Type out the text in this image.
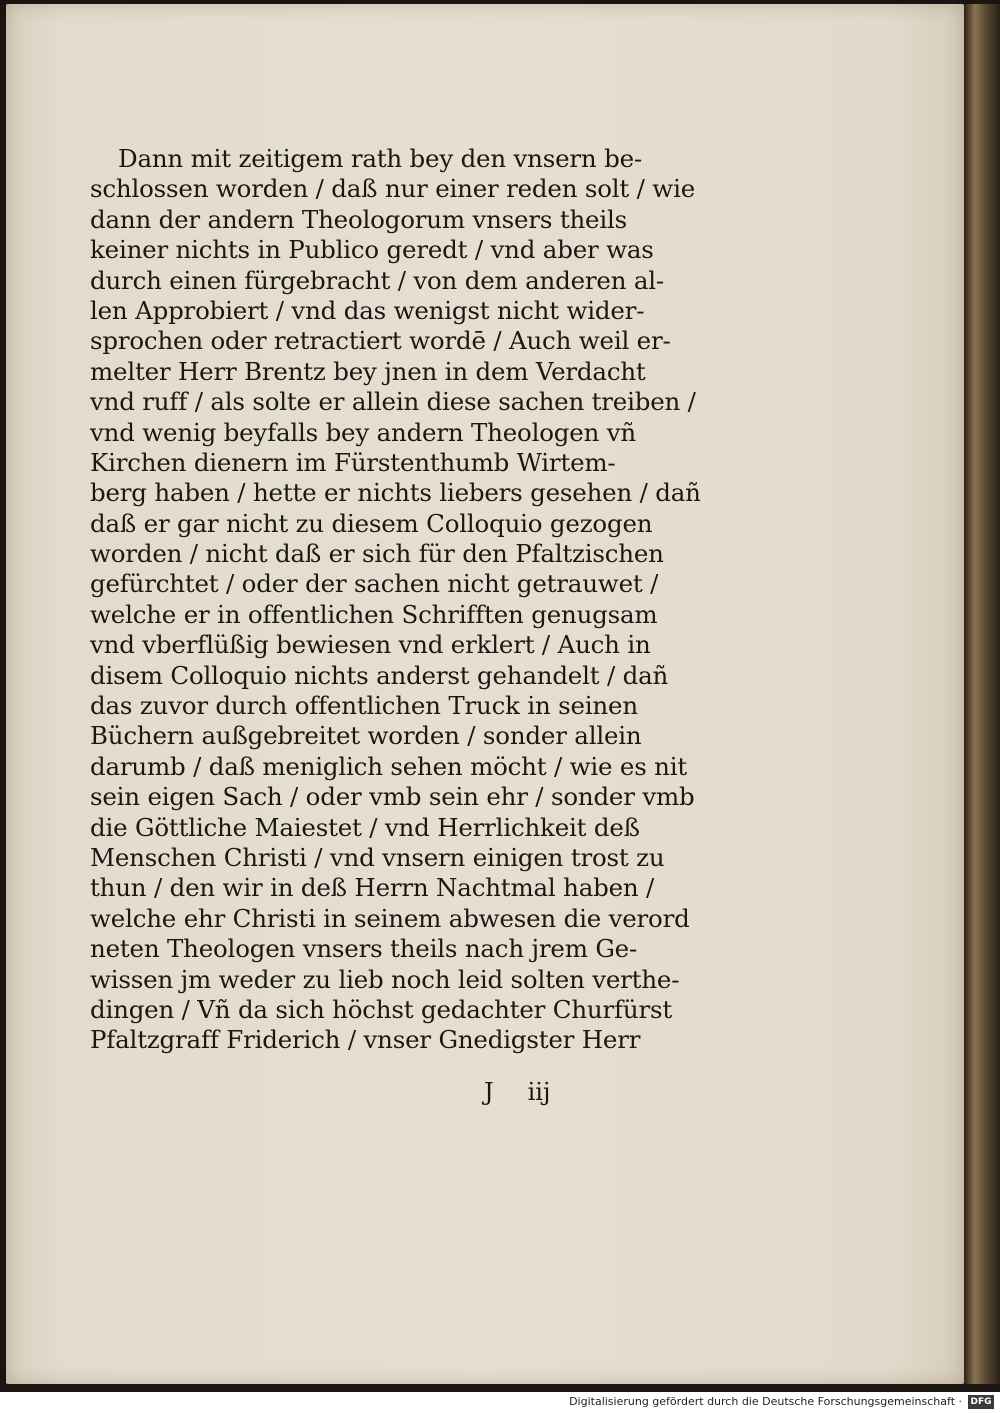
Dann mit zeitigem rath bey den vnsern be-
schlossen worden / daß nur einer reden solt / wie
dann der andern Theologorum vnsers theils
keiner nichts in Publico geredt / vnd aber was
durch einen fürgebracht / von dem anderen al-
len Approbiert / vnd das wenigst nicht wider-
sprochen oder retractiert wordē / Auch weil er-
melter Herr Brentz bey jnen in dem Verdacht
vnd ruff / als solte er allein diese sachen treiben /
vnd wenig beyfalls bey andern Theologen vñ
Kirchen dienern im Fürstenthumb Wirtem-
berg haben / hette er nichts liebers gesehen / dañ
daß er gar nicht zu diesem Colloquio gezogen
worden / nicht daß er sich für den Pfaltzischen
gefürchtet / oder der sachen nicht getrauwet /
welche er in offentlichen Schrifften genugsam
vnd vberflüßig bewiesen vnd erklert / Auch in
disem Colloquio nichts anderst gehandelt / dañ
das zuvor durch offentlichen Truck in seinen
Büchern außgebreitet worden / sonder allein
darumb / daß meniglich sehen möcht / wie es nit
sein eigen Sach / oder vmb sein ehr / sonder vmb
die Göttliche Maiestet / vnd Herrlichkeit deß
Menschen Christi / vnd vnsern einigen trost zu
thun / den wir in deß Herrn Nachtmal haben /
welche ehr Christi in seinem abwesen die verord
neten Theologen vnsers theils nach jrem Ge-
wissen jm weder zu lieb noch leid solten verthe-
dingen / Vñ da sich höchst gedachter Churfürst
Pfaltzgraff Friderich / vnser Gnedigster Herr
J iij
Digitalisierung gefördert durch die Deutsche Forschungsgemeinschaft · DFG
